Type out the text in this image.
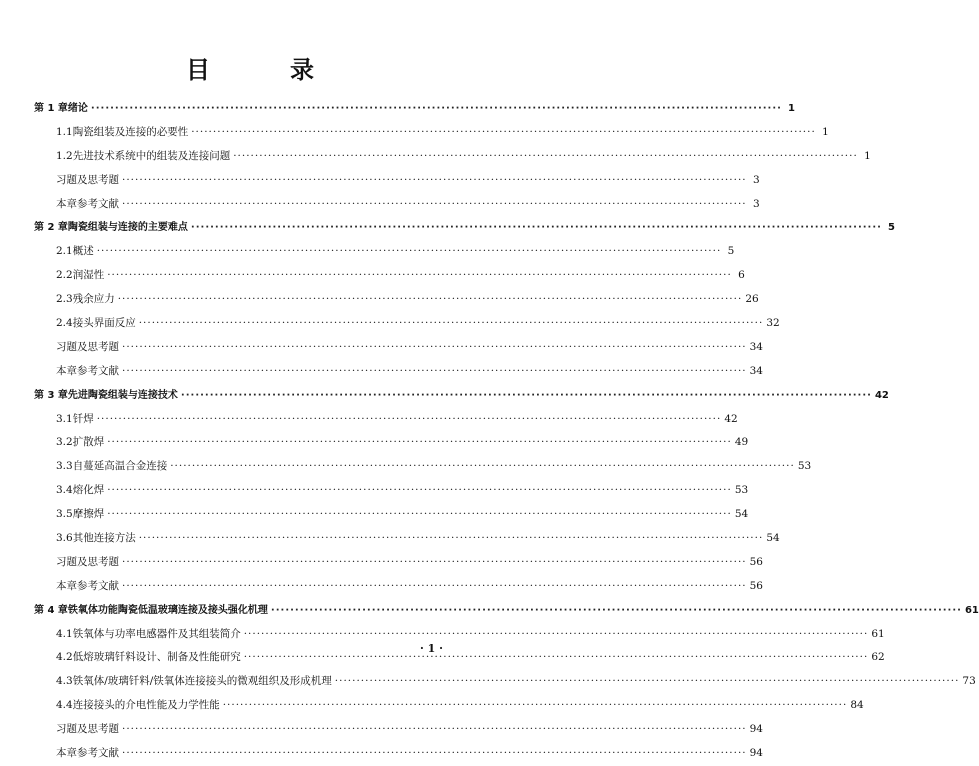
目　录
第 1 章 绪论 ·····	1
1.1 陶瓷组装及连接的必要性 ·····	1
1.2 先进技术系统中的组装及连接问题 ·····	1
习题及思考题 ·····	3
本章参考文献 ·····	3
第 2 章 陶瓷组装与连接的主要难点 ·····	5
2.1 概述 ·····	5
2.2 润湿性 ·····	6
2.3 残余应力 ·····	26
2.4 接头界面反应 ·····	32
习题及思考题 ·····	34
本章参考文献 ·····	34
第 3 章 先进陶瓷组装与连接技术 ·····	42
3.1 钎焊 ·····	42
3.2 扩散焊 ·····	49
3.3 自蔓延高温合金连接 ·····	53
3.4 熔化焊 ·····	53
3.5 摩擦焊 ·····	54
3.6 其他连接方法 ·····	54
习题及思考题 ·····	56
本章参考文献 ·····	56
第 4 章 铁氧体功能陶瓷低温玻璃连接及接头强化机理 ·····	61
4.1 铁氧体与功率电感器件及其组装简介 ·····	61
4.2 低熔玻璃钎料设计、制备及性能研究 ·····	62
4.3 铁氧体/玻璃钎料/铁氧体连接接头的微观组织及形成机理 ·····	73
4.4 连接接头的介电性能及力学性能 ·····	84
习题及思考题 ·····	94
本章参考文献 ·····	94
· 1 ·
